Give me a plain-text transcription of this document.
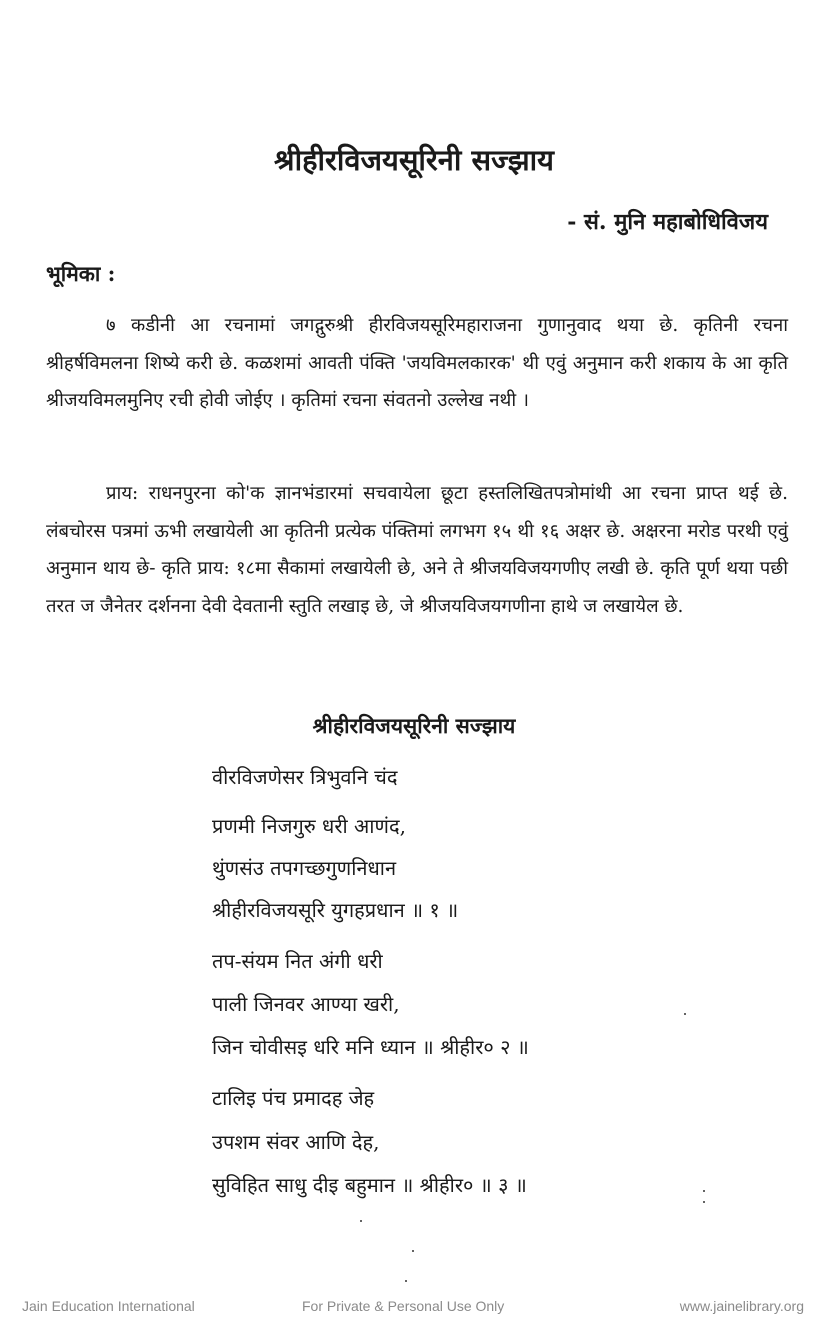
श्रीहीरविजयसूरिनी सज्झाय
- सं. मुनि महाबोधिविजय
भूमिका :
७ कडीनी आ रचनामां जगद्गुरुश्री हीरविजयसूरिमहाराजना गुणानुवाद थया छे. कृतिनी रचना श्रीहर्षविमलना शिष्ये करी छे. कळशमां आवती पंक्ति 'जयविमलकारक' थी एवुं अनुमान करी शकाय के आ कृति श्रीजयविमलमुनिए रची होवी जोईए । कृतिमां रचना संवतनो उल्लेख नथी ।
प्राय: राधनपुरना को'क ज्ञानभंडारमां सचवायेला छूटा हस्तलिखितपत्रोमांथी आ रचना प्राप्त थई छे. लंबचोरस पत्रमां ऊभी लखायेली आ कृतिनी प्रत्येक पंक्तिमां लगभग १५ थी १६ अक्षर छे. अक्षरना मरोड परथी एवुं अनुमान थाय छे- कृति प्राय: १८मा सैकामां लखायेली छे, अने ते श्रीजयविजयगणीए लखी छे. कृति पूर्ण थया पछी तरत ज जैनेतर दर्शनना देवी देवतानी स्तुति लखाइ छे, जे श्रीजयविजयगणीना हाथे ज लखायेल छे.
श्रीहीरविजयसूरिनी सज्झाय
वीरविजणेसर त्रिभुवनि चंद
प्रणमी निजगुरु धरी आणंद,
थुंणसंउ तपगच्छगुणनिधान
श्रीहीरविजयसूरि युगहप्रधान ॥ १ ॥
तप-संयम नित अंगी धरी
पाली जिनवर आण्या खरी,
जिन चोवीसइ धरि मनि ध्यान ॥ श्रीहीर० २ ॥
टालिइ पंच प्रमादह जेह
उपशम संवर आणि देह,
सुविहित साधु दीइ बहुमान ॥ श्रीहीर० ॥ ३ ॥
Jain Education International	For Private & Personal Use Only	www.jainelibrary.org
